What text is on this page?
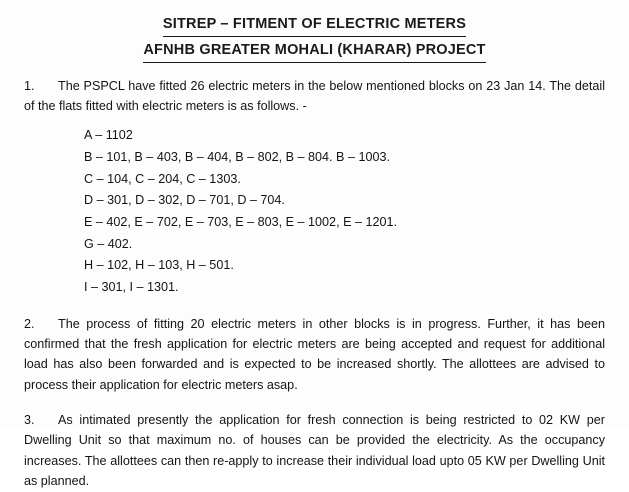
SITREP – FITMENT OF ELECTRIC METERS
AFNHB GREATER MOHALI (KHARAR) PROJECT
1. The PSPCL have fitted 26 electric meters in the below mentioned blocks on 23 Jan 14. The detail of the flats fitted with electric meters is as follows. -
A – 1102
B – 101, B – 403, B – 404, B – 802, B – 804. B – 1003.
C – 104, C – 204, C – 1303.
D – 301, D – 302, D – 701, D – 704.
E – 402, E – 702, E – 703, E – 803, E – 1002, E – 1201.
G – 402.
H – 102, H – 103, H – 501.
I – 301, I – 1301.
2. The process of fitting 20 electric meters in other blocks is in progress. Further, it has been confirmed that the fresh application for electric meters are being accepted and request for additional load has also been forwarded and is expected to be increased shortly. The allottees are advised to process their application for electric meters asap.
3. As intimated presently the application for fresh connection is being restricted to 02 KW per Dwelling Unit so that maximum no. of houses can be provided the electricity. As the occupancy increases. The allottees can then re-apply to increase their individual load upto 05 KW per Dwelling Unit as planned.
